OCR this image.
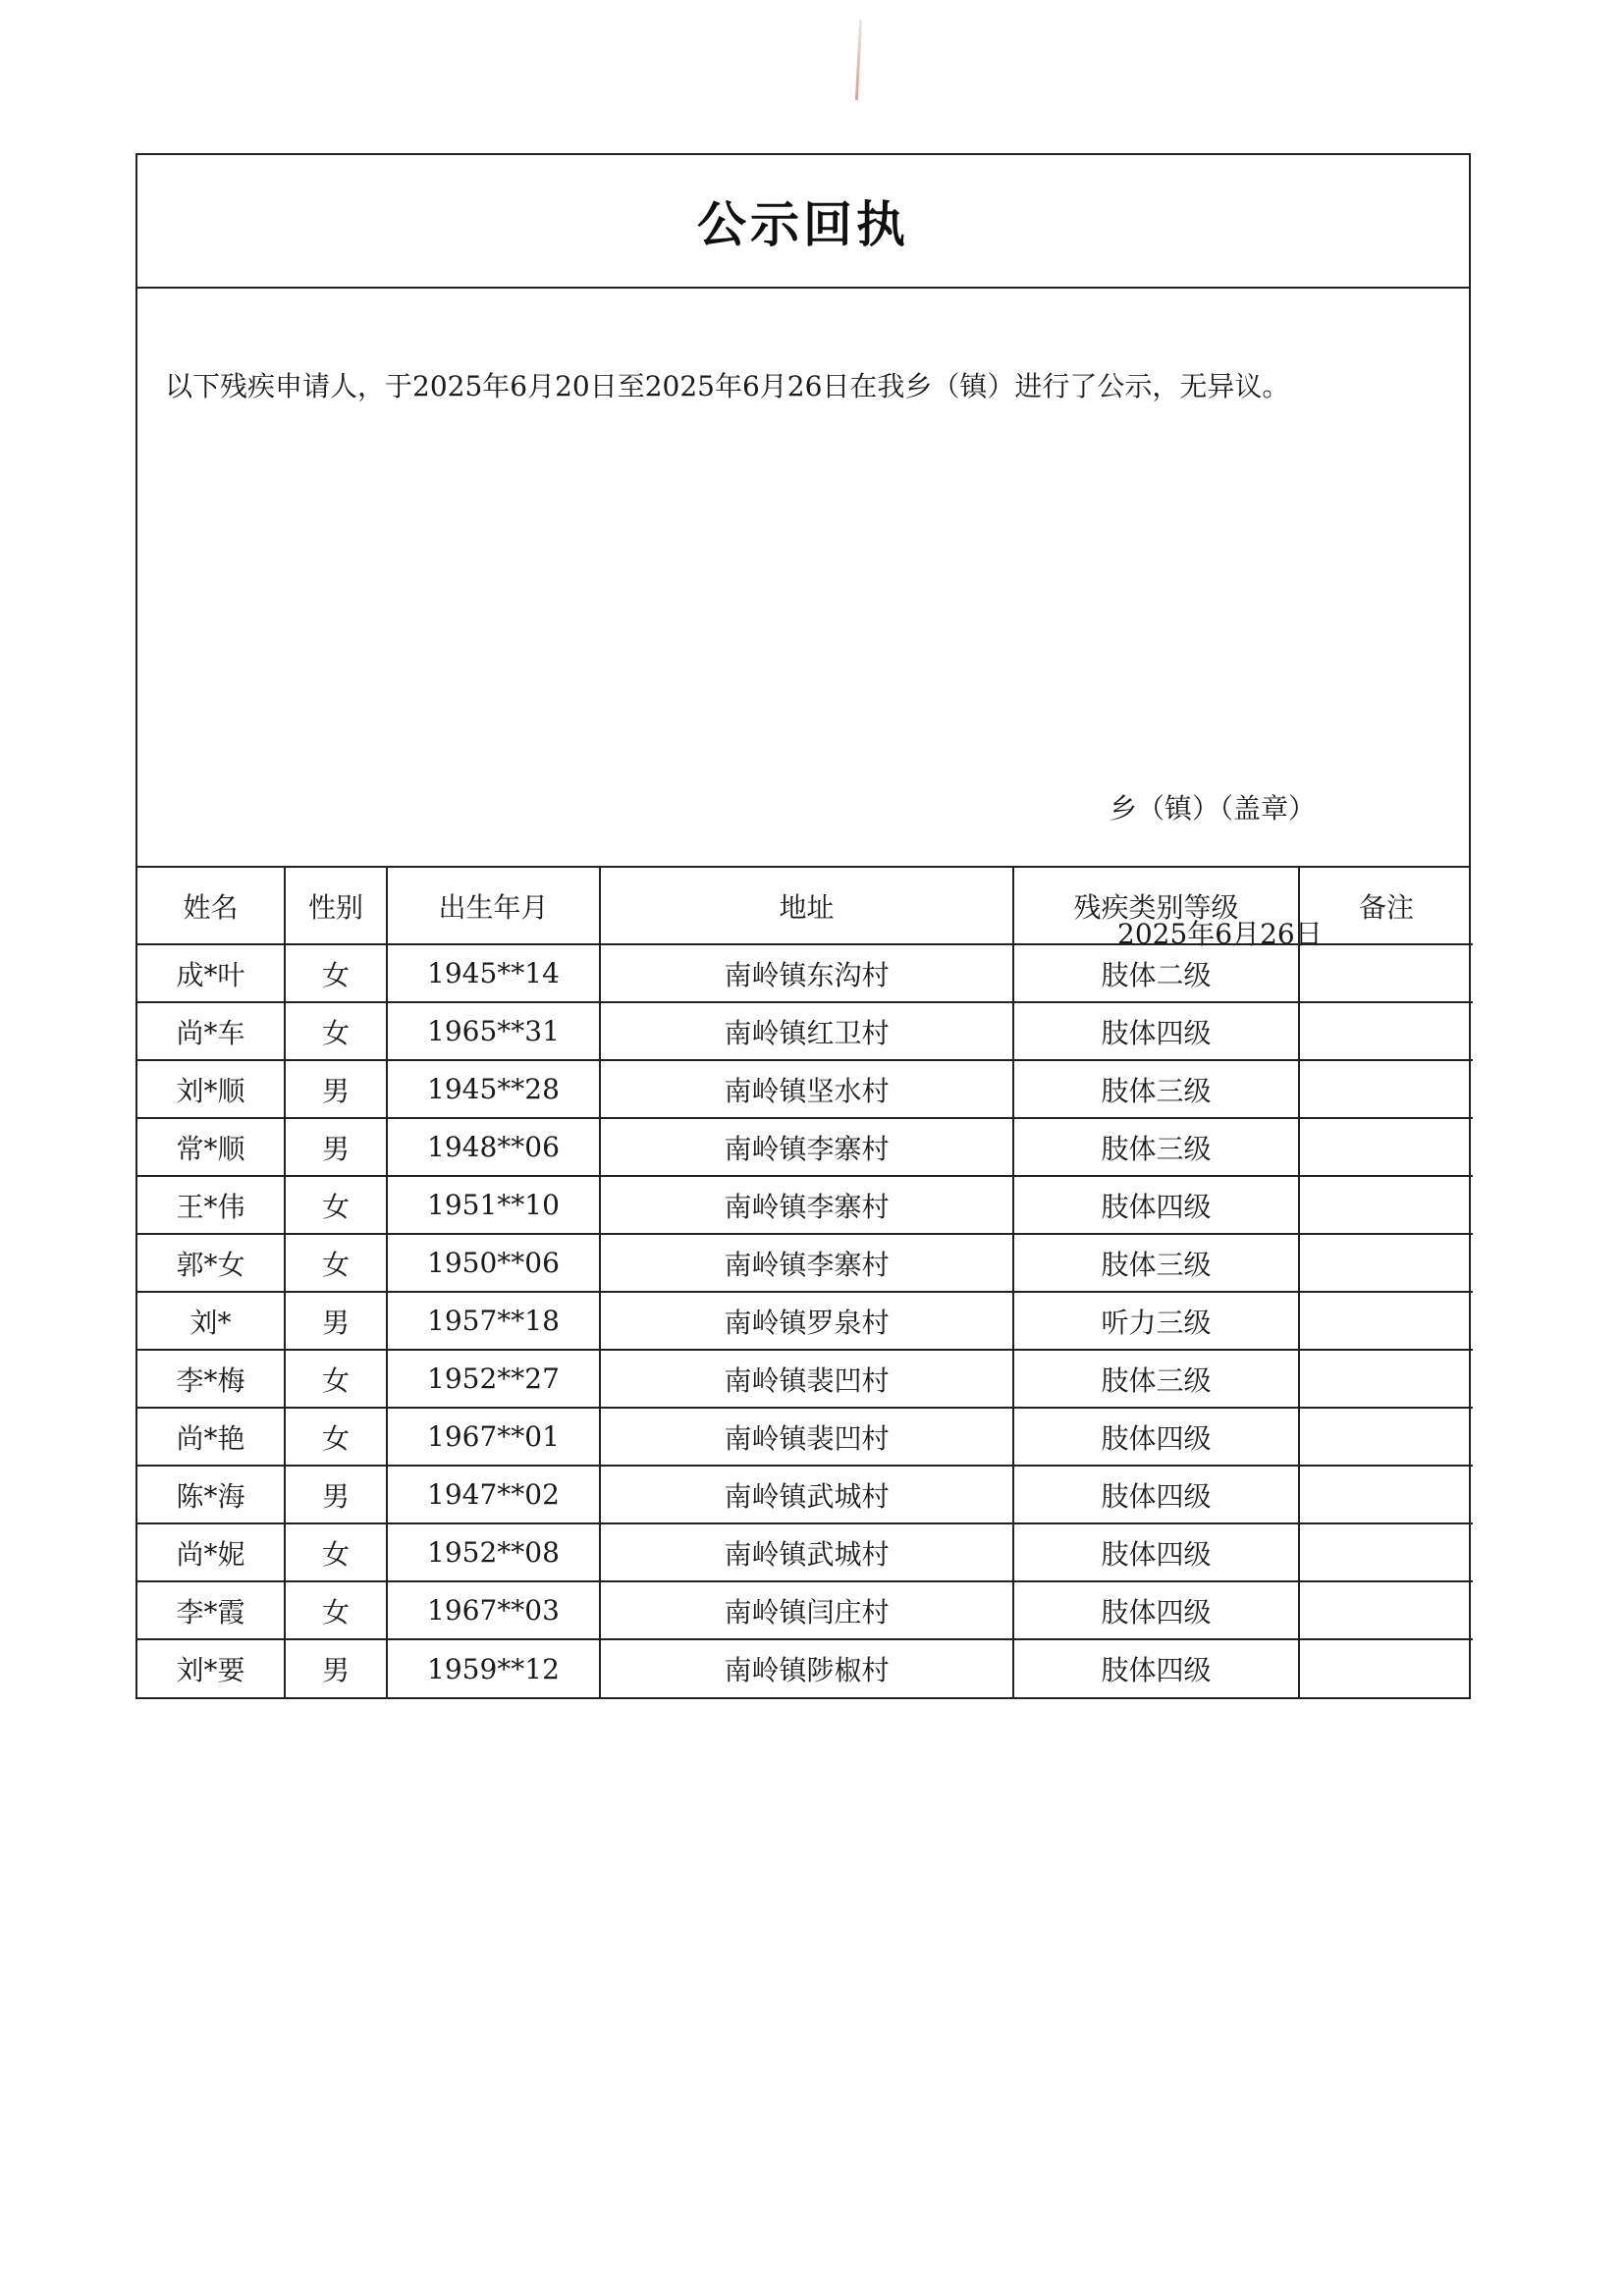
公示回执
以下残疾申请人，于2025年6月20日至2025年6月26日在我乡（镇）进行了公示，无异议。
乡（镇）（盖章）
2025年6月26日
姓名	性别	出生年月	地址	残疾类别等级	备注
成*叶	女	1945**14	南岭镇东沟村	肢体二级	
尚*车	女	1965**31	南岭镇红卫村	肢体四级	
刘*顺	男	1945**28	南岭镇坚水村	肢体三级	
常*顺	男	1948**06	南岭镇李寨村	肢体三级	
王*伟	女	1951**10	南岭镇李寨村	肢体四级	
郭*女	女	1950**06	南岭镇李寨村	肢体三级	
刘*	男	1957**18	南岭镇罗泉村	听力三级	
李*梅	女	1952**27	南岭镇裴凹村	肢体三级	
尚*艳	女	1967**01	南岭镇裴凹村	肢体四级	
陈*海	男	1947**02	南岭镇武城村	肢体四级	
尚*妮	女	1952**08	南岭镇武城村	肢体四级	
李*霞	女	1967**03	南岭镇闫庄村	肢体四级	
刘*要	男	1959**12	南岭镇陟椒村	肢体四级	
